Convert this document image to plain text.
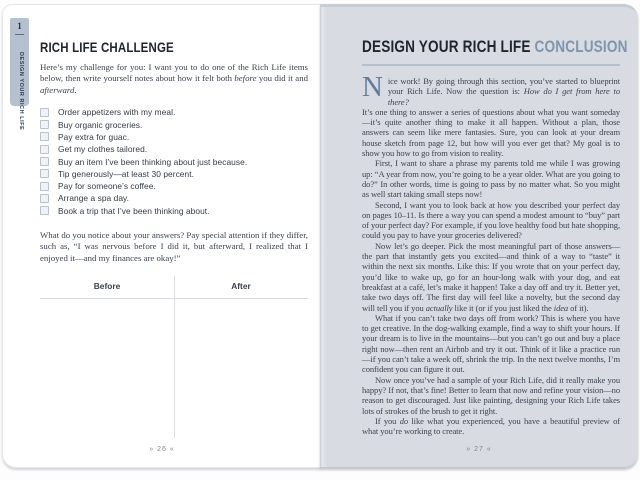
1
DESIGN YOUR RICH LIFE
RICH LIFE CHALLENGE

Here’s my challenge for you: I want you to do one of the Rich Life items below, then write yourself notes about how it felt both before you did it and afterward.

Order appetizers with my meal.
Buy organic groceries.
Pay extra for guac.
Get my clothes tailored.
Buy an item I’ve been thinking about just because.
Tip generously—at least 30 percent.
Pay for someone’s coffee.
Arrange a spa day.
Book a trip that I’ve been thinking about.

What do you notice about your answers? Pay special attention if they differ, such as, “I was nervous before I did it, but afterward, I realized that I enjoyed it—and my finances are okay!”

Before	After
» 26 «
DESIGN YOUR RICH LIFE CONCLUSION

Nice work! By going through this section, you’ve started to blueprint your Rich Life. Now the question is: How do I get from here to there?

It’s one thing to answer a series of questions about what you want someday—it’s quite another thing to make it all happen. Without a plan, those answers can seem like mere fantasies. Sure, you can look at your dream house sketch from page 12, but how will you ever get that? My goal is to show you how to go from vision to reality.

First, I want to share a phrase my parents told me while I was growing up: “A year from now, you’re going to be a year older. What are you going to do?” In other words, time is going to pass by no matter what. So you might as well start taking small steps now!

Second, I want you to look back at how you described your perfect day on pages 10–11. Is there a way you can spend a modest amount to “buy” part of your perfect day? For example, if you love healthy food but hate shopping, could you pay to have your groceries delivered?

Now let’s go deeper. Pick the most meaningful part of those answers—the part that instantly gets you excited—and think of a way to “taste” it within the next six months. Like this: If you wrote that on your perfect day, you’d like to wake up, go for an hour-long walk with your dog, and eat breakfast at a café, let’s make it happen! Take a day off and try it. Better yet, take two days off. The first day will feel like a novelty, but the second day will tell you if you actually like it (or if you just liked the idea of it).

What if you can’t take two days off from work? This is where you have to get creative. In the dog-walking example, find a way to shift your hours. If your dream is to live in the mountains—but you can’t go out and buy a place right now—then rent an Airbnb and try it out. Think of it like a practice run—if you can’t take a week off, shrink the trip. In the next twelve months, I’m confident you can figure it out.

Now once you’ve had a sample of your Rich Life, did it really make you happy? If not, that’s fine! Better to learn that now and refine your vision—no reason to get discouraged. Just like painting, designing your Rich Life takes lots of strokes of the brush to get it right.

If you do like what you experienced, you have a beautiful preview of what you’re working to create.

» 27 «
